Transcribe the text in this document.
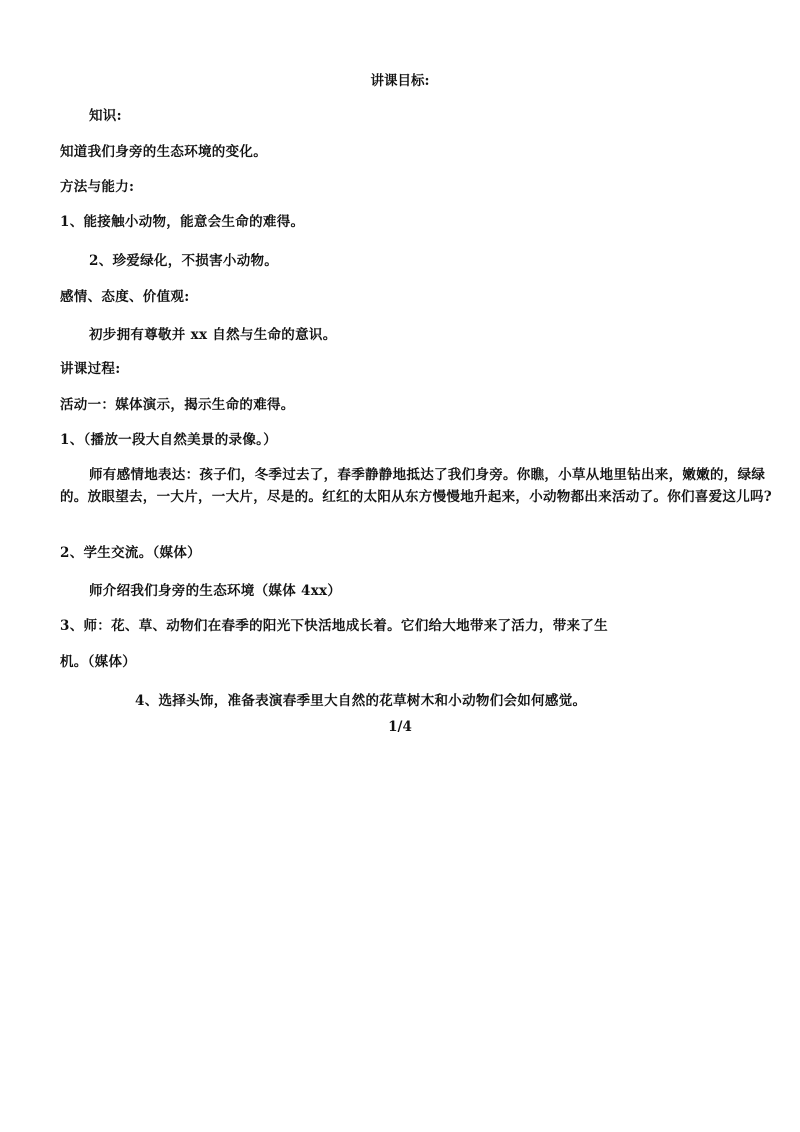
讲课目标:
知识:
知道我们身旁的生态环境的变化。
方法与能力:
1、能接触小动物，能意会生命的难得。
2、珍爱绿化，不损害小动物。
感情、态度、价值观:
初步拥有尊敬并 xx 自然与生命的意识。
讲课过程:
活动一：媒体演示，揭示生命的难得。
1、（播放一段大自然美景的录像。）
师有感情地表达：孩子们，冬季过去了，春季静静地抵达了我们身旁。你瞧，小草从地里钻出来，嫩嫩的，绿绿的。放眼望去，一大片，一大片，尽是的。红红的太阳从东方慢慢地升起来，小动物都出来活动了。你们喜爱这儿吗?
2、学生交流。（媒体）
师介绍我们身旁的生态环境（媒体 4xx）
3、师：花、草、动物们在春季的阳光下快活地成长着。它们给大地带来了活力，带来了生
机。（媒体）
4、选择头饰，准备表演春季里大自然的花草树木和小动物们会如何感觉。
1/4
